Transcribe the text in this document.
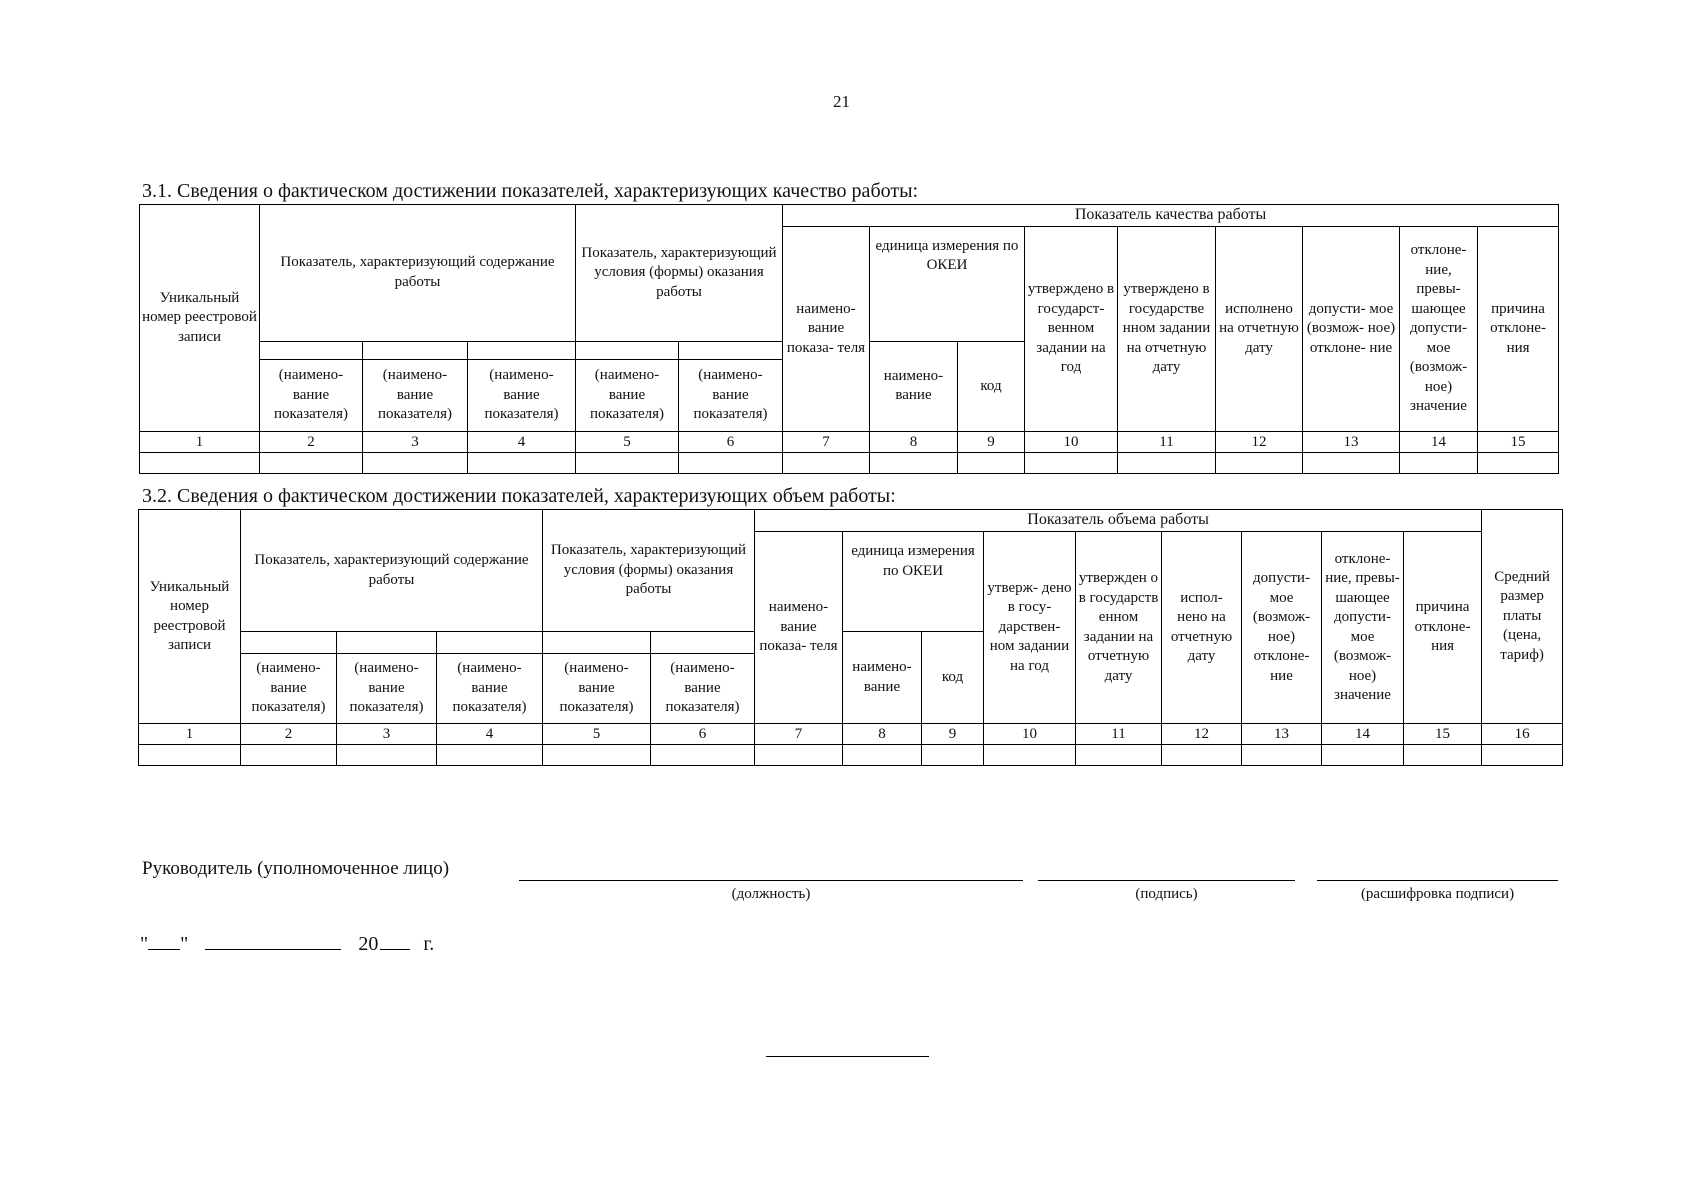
21
3.1. Сведения о фактическом достижении показателей, характеризующих качество работы:
Уникальный номер реестровой записи	Показатель, характеризующий содержание работы			Показатель, характеризующий условия (формы) оказания работы		Показатель качества работы								
						наимено- вание показа- теля	единица измерения по ОКЕИ		утверждено в государст- венном задании на год	утверждено в государстве нном задании на отчетную дату	исполнено на отчетную дату	допусти- мое (возмож- ное) отклоне- ние	отклоне- ние, превы- шающее допусти- мое (возмож- ное) значение	причина отклоне- ния
							наимено- вание	код						
	(наимено- вание показателя)	(наимено- вание показателя)	(наимено- вание показателя)	(наимено- вание показателя)	(наимено- вание показателя)									
1	2	3	4	5	6	7	8	9	10	11	12	13	14	15

3.2. Сведения о фактическом достижении показателей, характеризующих объем работы:
Уникальный номер реестровой записи	Показатель, характеризующий содержание работы			Показатель, характеризующий условия (формы) оказания работы		Показатель объема работы									Средний размер платы (цена, тариф)
						наимено- вание показа- теля	единица измерения по ОКЕИ		утверж- дено в госу- дарствен- ном задании на год	утвержден о в государств енном задании на отчетную дату	испол- нено на отчетную дату	допусти- мое (возмож- ное) отклоне- ние	отклоне- ние, превы- шающее допусти- мое (возмож- ное) значение	причина отклоне- ния	
							наимено- вание	код							
	(наимено- вание показателя)	(наимено- вание показателя)	(наимено- вание показателя)	(наимено- вание показателя)	(наимено- вание показателя)										
1	2	3	4	5	6	7	8	9	10	11	12	13	14	15	16

Руководитель (уполномоченное лицо)
(должность)	(подпись)	(расшифровка подписи)
" "	20 г.
